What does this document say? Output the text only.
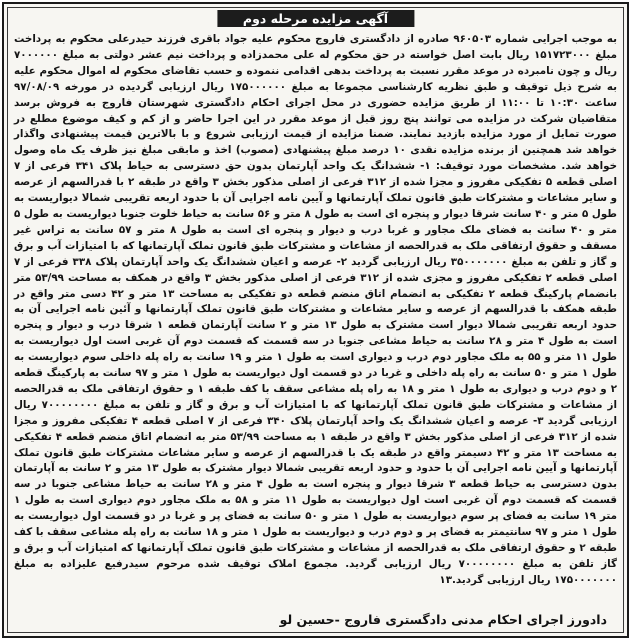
آگهی مزایده مرحله دوم

به موجب اجرایی شماره ۹۶۰۵۰۳ صادره از دادگستری فاروج محکوم علیه جواد باقری فرزند حیدرعلی محکوم به پرداخت مبلغ ۱۵۱۷۲۳۰۰۰ ریال بابت اصل خواسته در حق محکوم له علی محمدزاده و پرداخت نیم عشر دولتی به مبلغ ۷۰۰۰۰۰۰ ریال و چون نامبرده در موعد مقرر نسبت به پرداخت بدهی اقدامی ننموده و حسب تقاضای محکوم له اموال محکوم علیه به شرح ذیل توقیف و طبق نظریه کارشناسی مجموعا به مبلغ ۱۷۵۰۰۰۰۰۰ ریال ارزیابی گردیده در مورخه ۹۷/۰۸/۰۹ ساعت ۱۰:۳۰ تا ۱۱:۰۰ از طریق مزایده حضوری در محل اجرای احکام دادگستری شهرستان فاروج به فروش برسد متقاضیان شرکت در مزایده می توانند پنج روز قبل از موعد مقرر در این اجرا حاضر و از کم و کیف موضوع مطلع در صورت تمایل از مورد مزایده بازدید نمایند. ضمنا مزایده از قیمت ارزیابی شروع و با بالاترین قیمت پیشنهادی واگذار خواهد شد همچنین از برنده مزایده نقدی ۱۰ درصد مبلغ پیشنهادی (مصوب) اخذ و مابقی مبلغ نیز ظرف یک ماه وصول خواهد شد. مشخصات مورد توقیف: ۱- ششدانگ یک واحد آپارتمان بدون حق دسترسی به حیاط پلاک ۳۴۱ فرعی از ۷ اصلی قطعه ۵ تفکیکی مفروز و مجزا شده از ۳۱۲ فرعی از اصلی مذکور بخش ۳ واقع در طبقه ۲ با قدرالسهم از عرصه و سایر مشاعات و مشترکات طبق قانون تملک آپارتمانها و آیین نامه اجرایی آن با حدود اربعه تقریبی شمالا دیواریست به طول ۵ متر و ۴۰ سانت شرقا دیوار و پنجره ای است به طول ۸ متر و ۵۶ سانت به حیاط خلوت جنوبا دیواریست به طول ۵ متر و ۴۰ سانت به فضای ملک مجاور و غربا درب و دیوار و پنجره ای است به طول ۸ متر و ۵۷ سانت به تراس غیر مسقف و حقوق ارتفاقی ملک به قدرالحصه از مشاعات و مشترکات طبق قانون تملک آپارتمانها که با امتیازات آب و برق و گاز و تلفن به مبلغ ۳۵۰۰۰۰۰۰۰ ریال ارزیابی گردید ۲- عرصه و اعیان ششدانگ یک واحد آپارتمان پلاک ۳۳۸ فرعی از ۷ اصلی قطعه ۲ تفکیکی مفروز و مجزی شده از ۳۱۲ فرعی از اصلی مذکور بخش ۳ واقع در همکف به مساحت ۵۳/۹۹ متر بانضمام پارکینگ قطعه ۲ تفکیکی به انضمام اتاق منضم قطعه دو تفکیکی به مساحت ۱۳ متر و ۴۲ دسی متر واقع در طبقه همکف با قدرالسهم از عرصه و سایر مشاعات و مشترکات طبق قانون تملک آپارتمانها و آئین نامه اجرایی آن به حدود اربعه تقریبی شمالا دیوار است مشترک به طول ۱۳ متر و ۲ سانت آپارتمان قطعه ۱ شرقا درب و دیوار و پنجره است به طول ۴ متر و ۲۸ سانت به حیاط مشاعی جنوبا در سه قسمت که قسمت دوم آن غربی است اول دیواریست به طول ۱۱ متر و ۵۵ به ملک مجاور دوم درب و دیواری است به طول ۱ متر و ۱۹ سانت به راه پله داخلی سوم دیواریست به طول ۱ متر و ۵۰ سانت به راه پله داخلی و غربا در دو قسمت اول دیواریست به طول ۱ متر و ۹۷ سانت به پارکینگ قطعه ۲ و دوم درب و دیواری به طول ۱ متر و ۱۸ به راه پله مشاعی سقف با کف طبقه ۱ و حقوق ارتفاقی ملک به قدرالحصه از مشاعات و مشترکات طبق قانون تملک آپارتمانها که با امتیازات آب و برق و گاز و تلفن به مبلغ ۷۰۰۰۰۰۰۰۰ ریال ارزیابی گردید ۳- عرصه و اعیان ششدانگ یک واحد آپارتمان پلاک ۳۴۰ فرعی از ۷ اصلی قطعه ۴ تفکیکی مفروز و مجزا شده از ۳۱۲ فرعی از اصلی مذکور بخش ۳ واقع در طبقه ۱ به مساحت ۵۳/۹۹ متر به انضمام اتاق منضم قطعه ۴ تفکیکی به مساحت ۱۳ متر و ۴۲ دسیمتر واقع در طبقه یک با قدرالسهم از عرصه و سایر مشاعات مشترکات طبق قانون تملک آپارتمانها و آیین نامه اجرایی آن با حدود و حدود اربعه تقریبی شمالا دیوار مشترک به طول ۱۳ متر و ۲ سانت به آپارتمان بدون دسترسی به حیاط قطعه ۳ شرقا دیوار و پنجره است به طول ۴ متر و ۲۸ سانت به حیاط مشاعی جنوبا در سه قسمت که قسمت دوم آن غربی است اول دیواریست به طول ۱۱ متر و ۵۸ به ملک مجاور دوم دیواری است به طول ۱ متر ۱۹ سانت به فضای پر سوم دیواریست به طول ۱ متر و ۵۰ سانت به فضای پر و غربا در دو قسمت اول دیواریست به طول ۱ متر و ۹۷ سانتیمتر به فضای پر و دوم درب و دیواریست به طول ۱ متر و ۱۸ سانت به راه پله مشاعی سقف با کف طبقه ۲ و حقوق ارتفاقی ملک به قدرالحصه از مشاعات و مشترکات طبق قانون تملک آپارتمانها که امتیازات آب و برق و گاز تلفن به مبلغ ۷۰۰۰۰۰۰۰۰ ریال ارزیابی گردید. مجموع املاک توقیف شده مرحوم سیدرفیع علیزاده به مبلغ ۱۷۵۰۰۰۰۰۰۰ ریال ارزیابی گردید.۱۳

دادورز اجرای احکام مدنی دادگستری فاروج -حسین لو
